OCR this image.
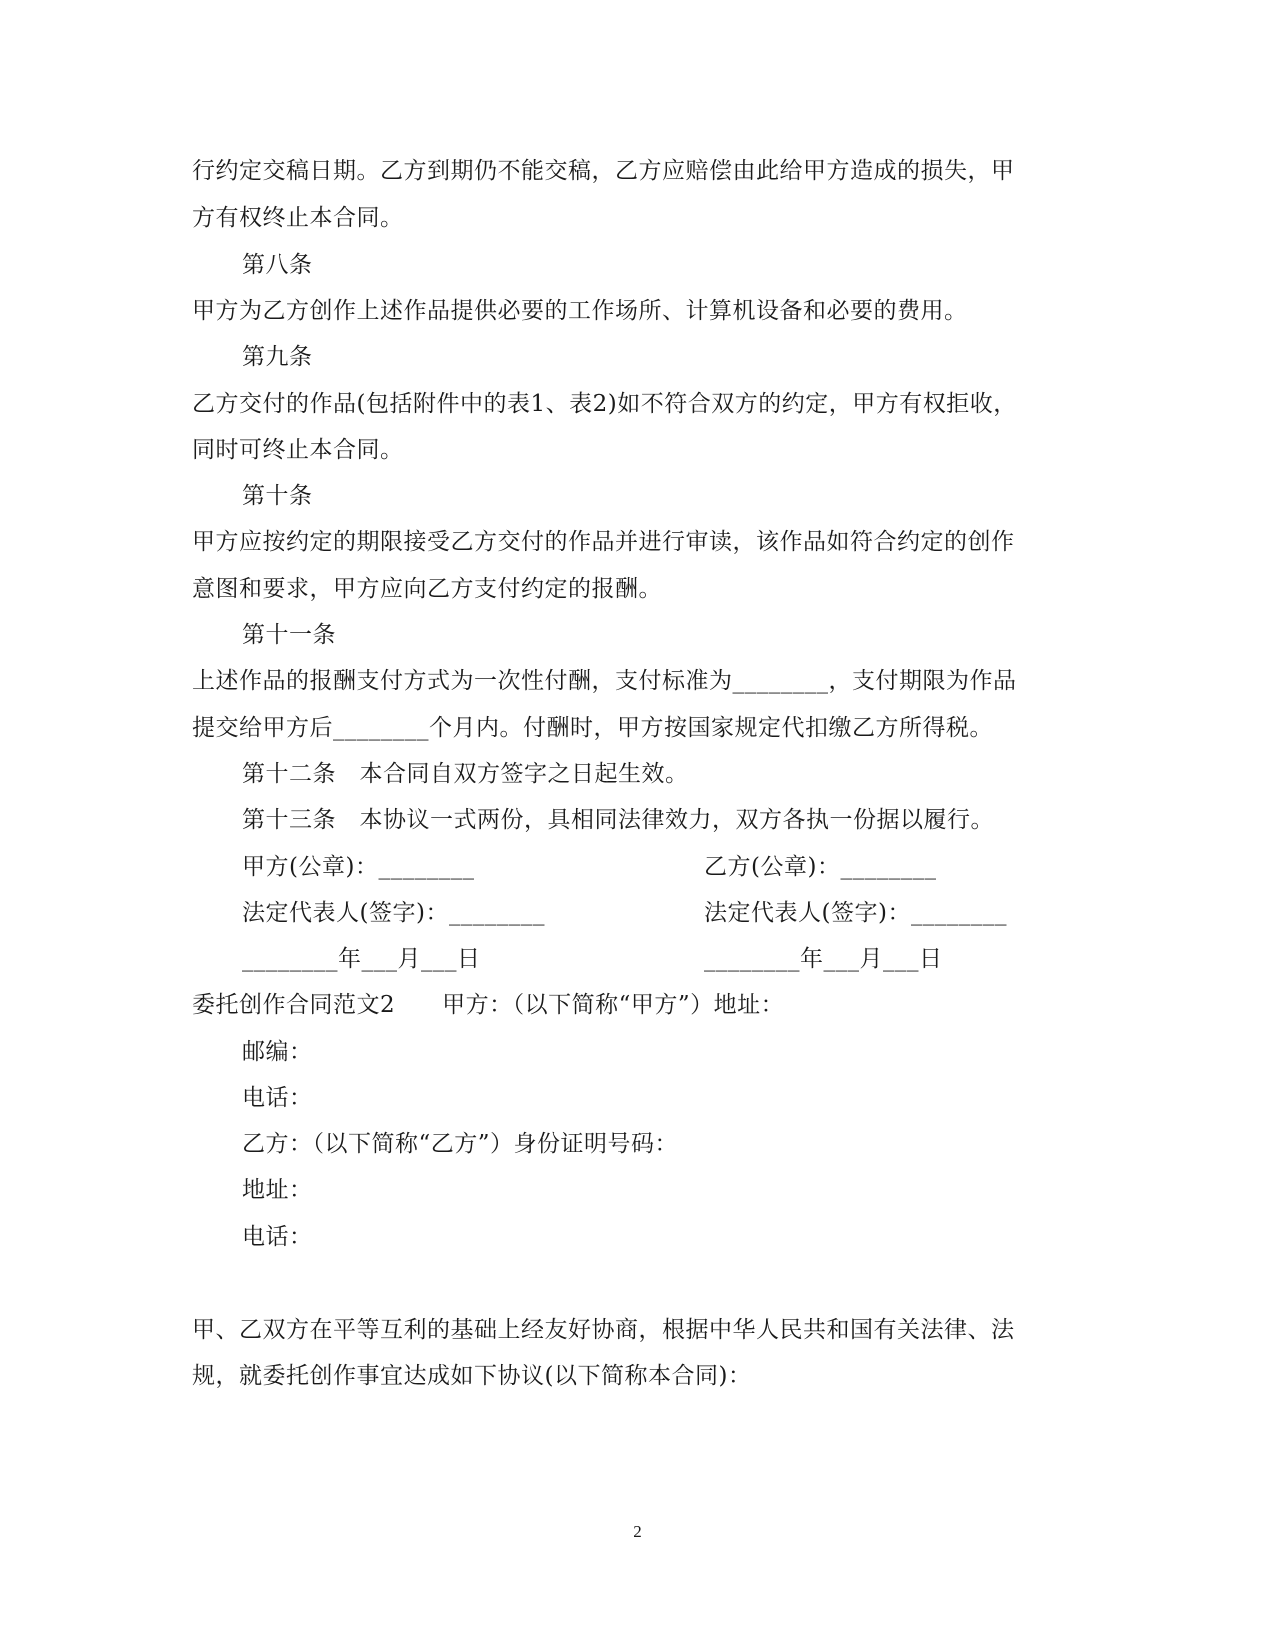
行约定交稿日期。乙方到期仍不能交稿，乙方应赔偿由此给甲方造成的损失，甲
方有权终止本合同。
第八条
甲方为乙方创作上述作品提供必要的工作场所、计算机设备和必要的费用。
第九条
乙方交付的作品(包括附件中的表1、表2)如不符合双方的约定，甲方有权拒收，
同时可终止本合同。
第十条
甲方应按约定的期限接受乙方交付的作品并进行审读，该作品如符合约定的创作
意图和要求，甲方应向乙方支付约定的报酬。
第十一条
上述作品的报酬支付方式为一次性付酬，支付标准为________，支付期限为作品
提交给甲方后________个月内。付酬时，甲方按国家规定代扣缴乙方所得税。
第十二条　本合同自双方签字之日起生效。
第十三条　本协议一式两份，具相同法律效力，双方各执一份据以履行。
甲方(公章)：________	乙方(公章)：________
法定代表人(签字)：________	法定代表人(签字)：________
________年___月___日	________年___月___日
委托创作合同范文2　　甲方：（以下简称“甲方”）地址：
邮编：
电话：
乙方：（以下简称“乙方”）身份证明号码：
地址：
电话：
甲、乙双方在平等互利的基础上经友好协商，根据中华人民共和国有关法律、法
规，就委托创作事宜达成如下协议(以下简称本合同)：
2
